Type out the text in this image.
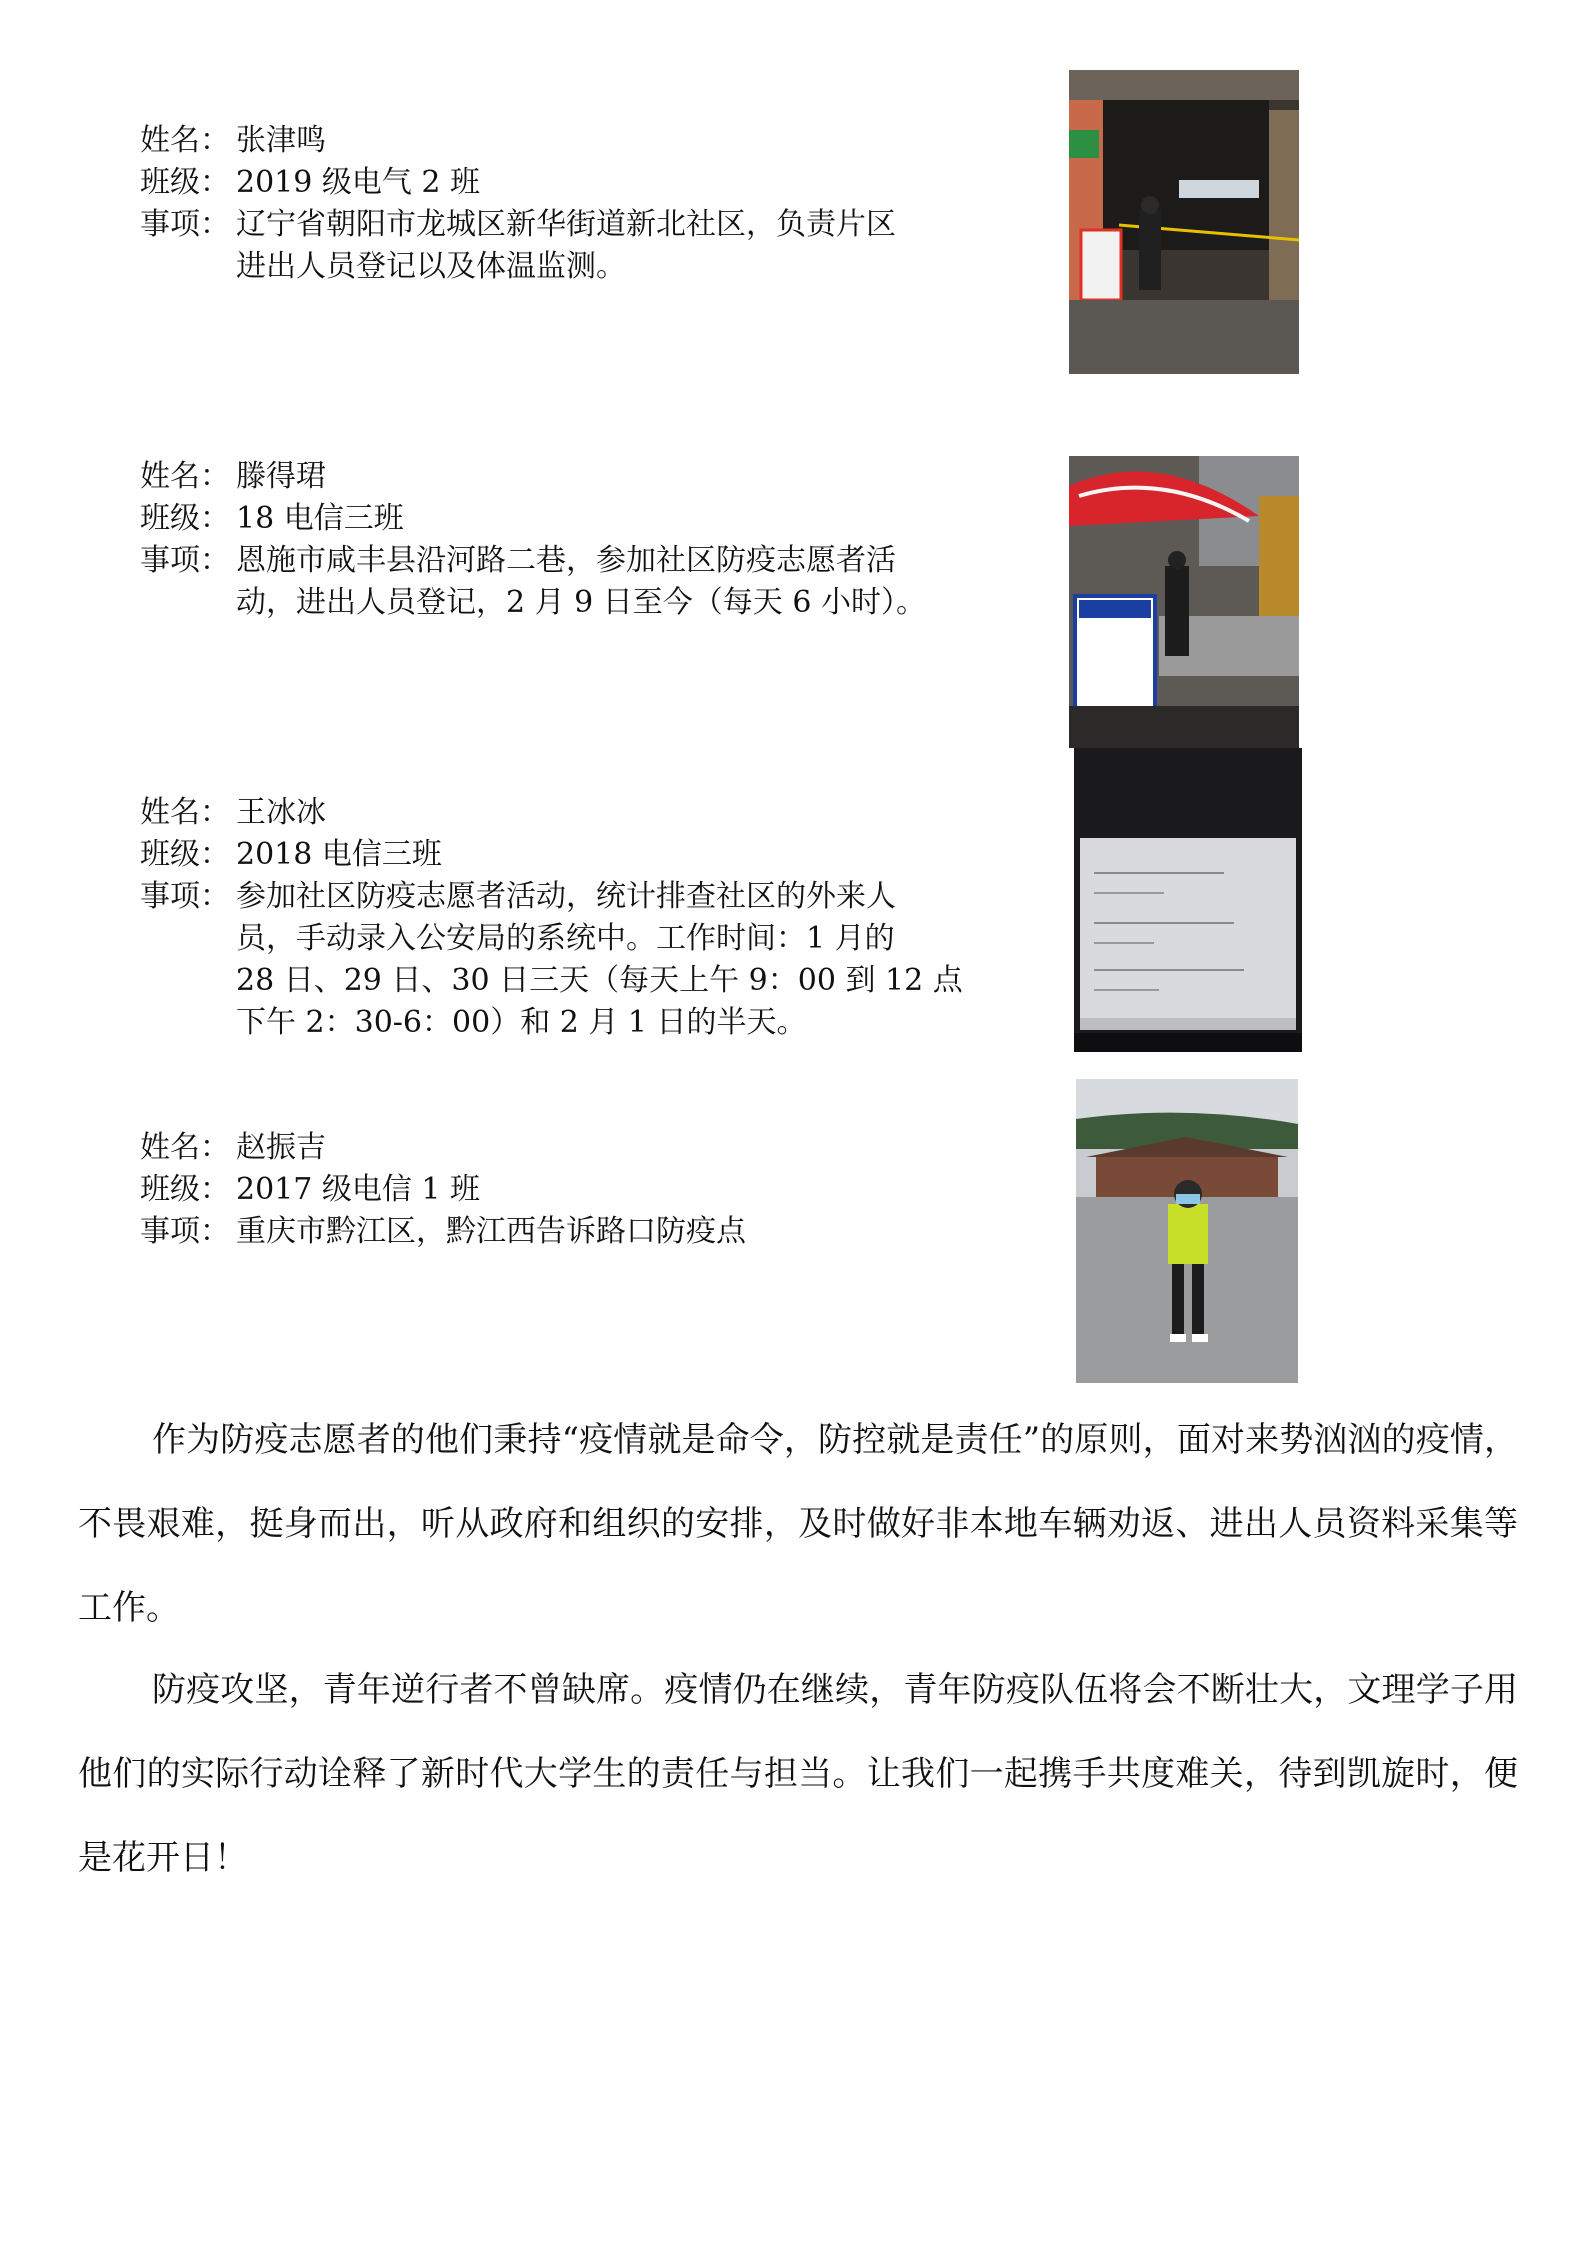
姓名： 张津鸣
班级： 2019 级电气 2 班
事项： 辽宁省朝阳市龙城区新华街道新北社区，负责片区
进出人员登记以及体温监测。
姓名： 滕得珺
班级： 18 电信三班
事项： 恩施市咸丰县沿河路二巷，参加社区防疫志愿者活
动，进出人员登记，2 月 9 日至今（每天 6 小时）。
姓名： 王冰冰
班级： 2018 电信三班
事项： 参加社区防疫志愿者活动，统计排查社区的外来人
员，手动录入公安局的系统中。工作时间：1 月的
28 日、29 日、30 日三天（每天上午 9：00 到 12 点
下午 2：30-6：00）和 2 月 1 日的半天。
姓名： 赵振吉
班级： 2017 级电信 1 班
事项： 重庆市黔江区，黔江西告诉路口防疫点

作为防疫志愿者的他们秉持“疫情就是命令，防控就是责任”的原则，面对来势汹汹的疫情，不畏艰难，挺身而出，听从政府和组织的安排，及时做好非本地车辆劝返、进出人员资料采集等工作。

防疫攻坚，青年逆行者不曾缺席。疫情仍在继续，青年防疫队伍将会不断壮大，文理学子用他们的实际行动诠释了新时代大学生的责任与担当。让我们一起携手共度难关，待到凯旋时，便是花开日！
